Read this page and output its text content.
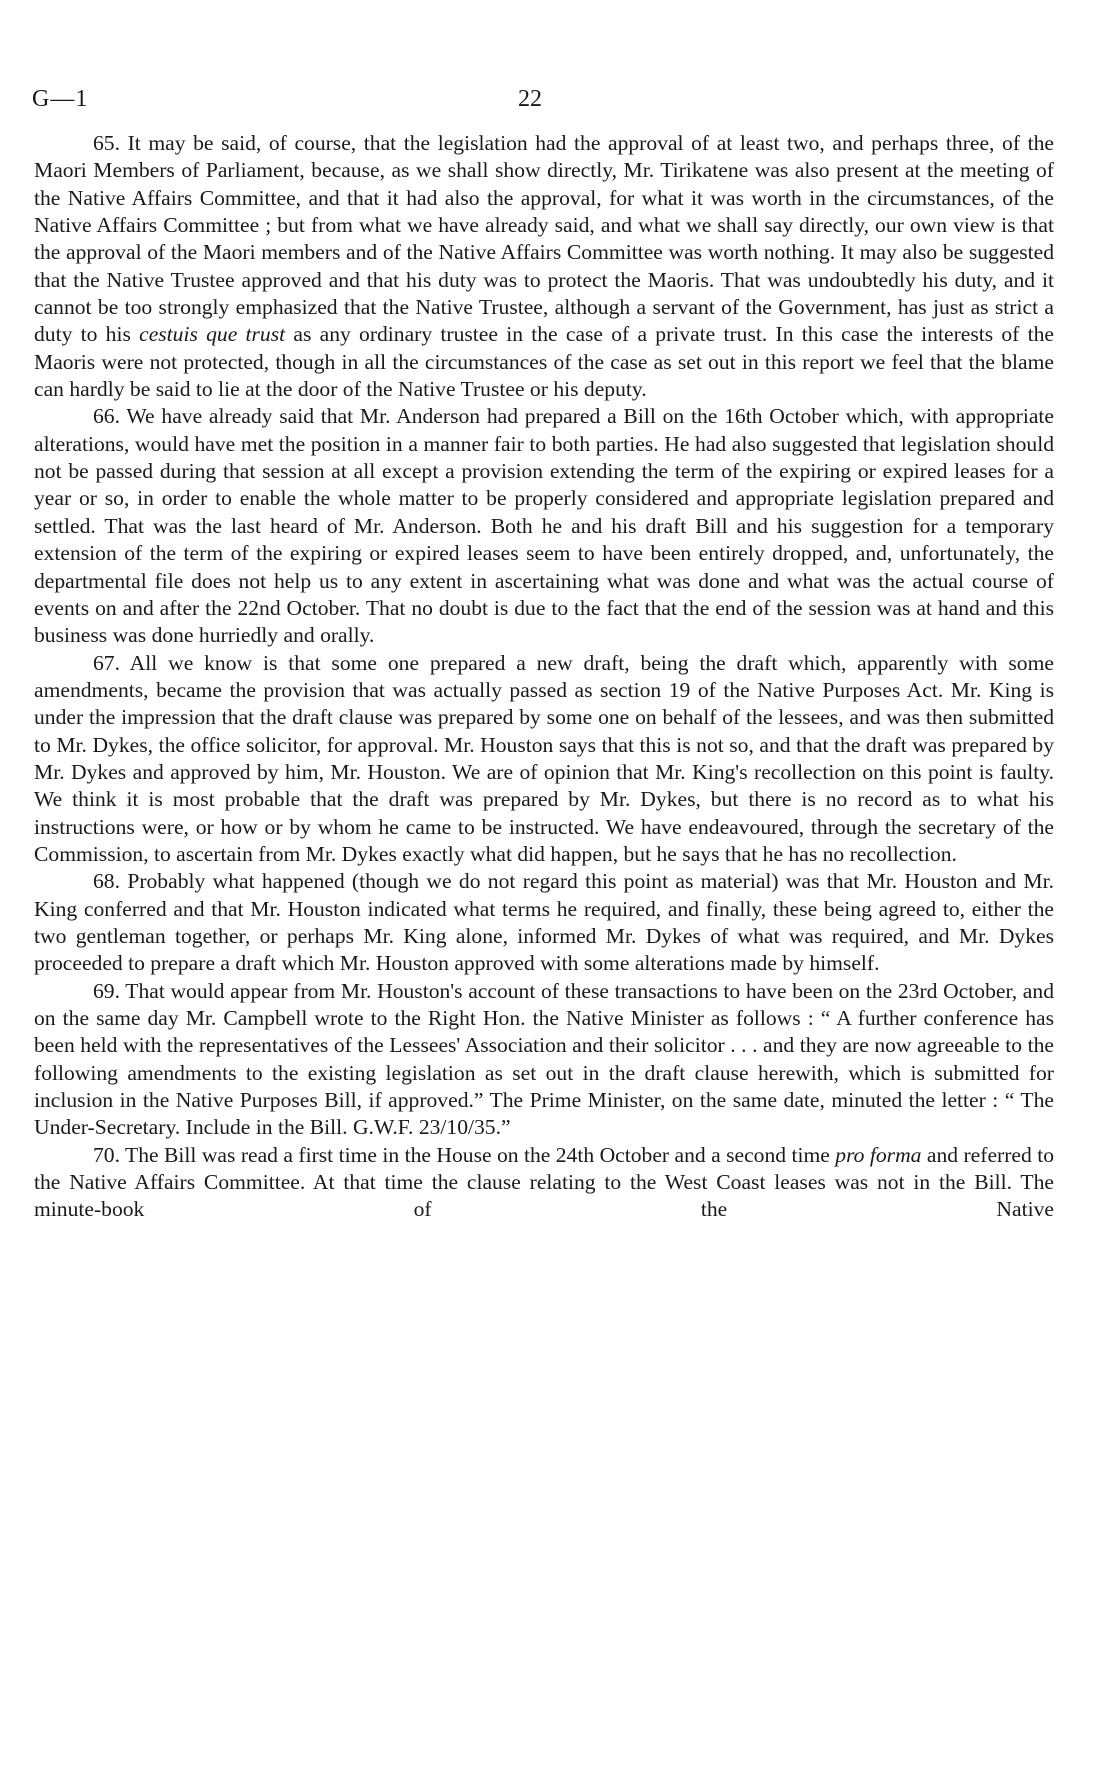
G—1	22

65. It may be said, of course, that the legislation had the approval of at least two, and perhaps three, of the Maori Members of Parliament, because, as we shall show directly, Mr. Tirikatene was also present at the meeting of the Native Affairs Committee, and that it had also the approval, for what it was worth in the circumstances, of the Native Affairs Committee ; but from what we have already said, and what we shall say directly, our own view is that the approval of the Maori members and of the Native Affairs Committee was worth nothing. It may also be suggested that the Native Trustee approved and that his duty was to protect the Maoris. That was undoubtedly his duty, and it cannot be too strongly emphasized that the Native Trustee, although a servant of the Government, has just as strict a duty to his cestuis que trust as any ordinary trustee in the case of a private trust. In this case the interests of the Maoris were not protected, though in all the circumstances of the case as set out in this report we feel that the blame can hardly be said to lie at the door of the Native Trustee or his deputy.

66. We have already said that Mr. Anderson had prepared a Bill on the 16th October which, with appropriate alterations, would have met the position in a manner fair to both parties. He had also suggested that legislation should not be passed during that session at all except a provision extending the term of the expiring or expired leases for a year or so, in order to enable the whole matter to be properly considered and appropriate legislation prepared and settled. That was the last heard of Mr. Anderson. Both he and his draft Bill and his suggestion for a temporary extension of the term of the expiring or expired leases seem to have been entirely dropped, and, unfortunately, the departmental file does not help us to any extent in ascertaining what was done and what was the actual course of events on and after the 22nd October. That no doubt is due to the fact that the end of the session was at hand and this business was done hurriedly and orally.

67. All we know is that some one prepared a new draft, being the draft which, apparently with some amendments, became the provision that was actually passed as section 19 of the Native Purposes Act. Mr. King is under the impression that the draft clause was prepared by some one on behalf of the lessees, and was then submitted to Mr. Dykes, the office solicitor, for approval. Mr. Houston says that this is not so, and that the draft was prepared by Mr. Dykes and approved by him, Mr. Houston. We are of opinion that Mr. King's recollection on this point is faulty. We think it is most probable that the draft was prepared by Mr. Dykes, but there is no record as to what his instructions were, or how or by whom he came to be instructed. We have endeavoured, through the secretary of the Commission, to ascertain from Mr. Dykes exactly what did happen, but he says that he has no recollection.

68. Probably what happened (though we do not regard this point as material) was that Mr. Houston and Mr. King conferred and that Mr. Houston indicated what terms he required, and finally, these being agreed to, either the two gentleman together, or perhaps Mr. King alone, informed Mr. Dykes of what was required, and Mr. Dykes proceeded to prepare a draft which Mr. Houston approved with some alterations made by himself.

69. That would appear from Mr. Houston's account of these transactions to have been on the 23rd October, and on the same day Mr. Campbell wrote to the Right Hon. the Native Minister as follows : “ A further conference has been held with the representatives of the Lessees' Association and their solicitor . . . and they are now agreeable to the following amendments to the existing legislation as set out in the draft clause herewith, which is submitted for inclusion in the Native Purposes Bill, if approved.” The Prime Minister, on the same date, minuted the letter : “ The Under-Secretary. Include in the Bill. G.W.F. 23/10/35.”

70. The Bill was read a first time in the House on the 24th October and a second time pro forma and referred to the Native Affairs Committee. At that time the clause relating to the West Coast leases was not in the Bill. The minute-book of the Native
